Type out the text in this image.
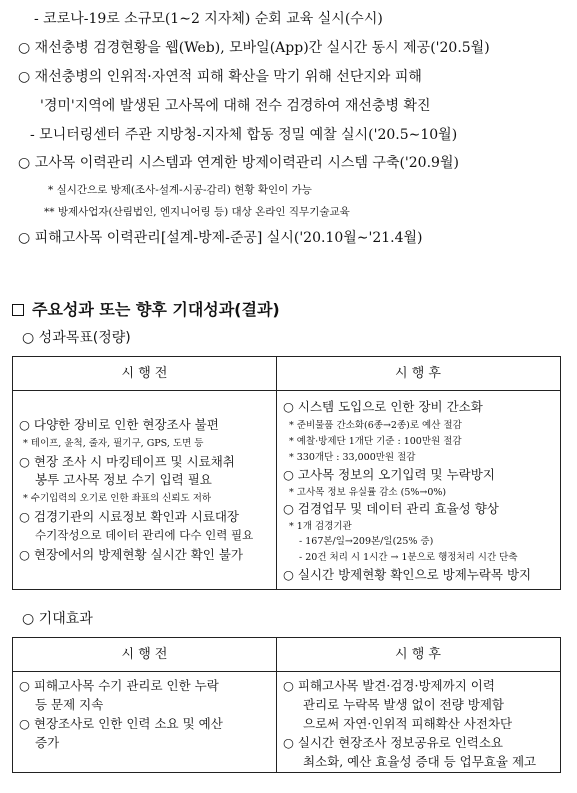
- 코로나-19로 소규모(1∼2 지자체) 순회 교육 실시(수시)
○ 재선충병 검경현황을 웹(Web), 모바일(App)간 실시간 동시 제공('20.5월)
○ 재선충병의 인위적·자연적 피해 확산을 막기 위해 선단지와 피해
'경미'지역에 발생된 고사목에 대해 전수 검경하여 재선충병 확진
- 모니터링센터 주관 지방청-지자체 합동 정밀 예찰 실시('20.5∼10월)
○ 고사목 이력관리 시스템과 연계한 방제이력관리 시스템 구축('20.9월)
* 실시간으로 방제(조사-설계-시공-감리) 현황 확인이 가능
** 방제사업자(산림법인, 엔지니어링 등) 대상 온라인 직무기술교육
○ 피해고사목 이력관리[설계-방제-준공] 실시('20.10월∼'21.4월)
주요성과 또는 향후 기대성과(결과)
○ 성과목표(정량)
시 행 전	시 행 후
○ 다양한 장비로 인한 현장조사 불편
* 테이프, 윤척, 줄자, 필기구, GPS, 도면 등
○ 현장 조사 시 마킹테이프 및 시료채취
봉투 고사목 정보 수기 입력 필요
* 수기입력의 오기로 인한 좌표의 신뢰도 저하
○ 검경기관의 시료정보 확인과 시료대장
수기작성으로 데이터 관리에 다수 인력 필요
○ 현장에서의 방제현황 실시간 확인 불가
○ 시스템 도입으로 인한 장비 간소화
* 준비물품 간소화(6종→2종)로 예산 절감
* 예찰·방제단 1개단 기준 : 100만원 절감
* 330개단 : 33,000만원 절감
○ 고사목 정보의 오기입력 및 누락방지
* 고사목 정보 유실률 감소 (5%→0%)
○ 검경업무 및 데이터 관리 효율성 향상
* 1개 검경기관
- 167본/일→209본/일(25% 증)
- 20건 처리 시 1시간 → 1분으로 행정처리 시간 단축
○ 실시간 방제현황 확인으로 방제누락목 방지
○ 기대효과
시 행 전	시 행 후
○ 피해고사목 수기 관리로 인한 누락
등 문제 지속
○ 현장조사로 인한 인력 소요 및 예산
증가
○ 피해고사목 발견·검경·방제까지 이력
관리로 누락목 발생 없이 전량 방제함
으로써 자연·인위적 피해확산 사전차단
○ 실시간 현장조사 정보공유로 인력소요
최소화, 예산 효율성 증대 등 업무효율 제고
